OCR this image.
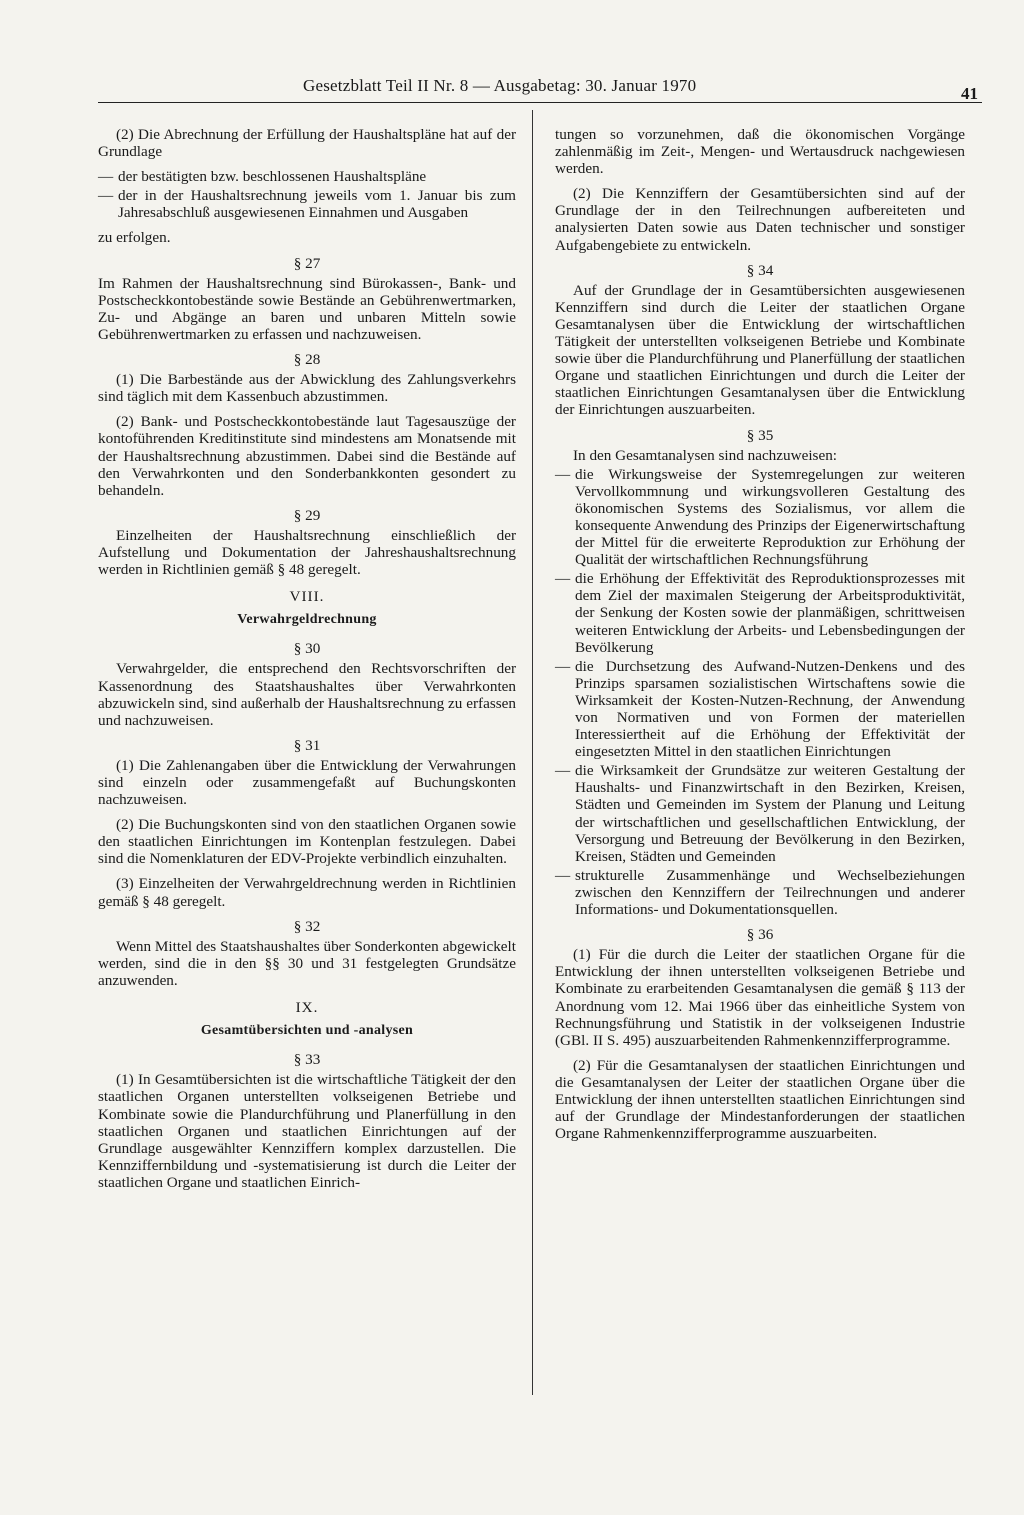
Gesetzblatt Teil II Nr. 8 — Ausgabetag: 30. Januar 1970	41

(2) Die Abrechnung der Erfüllung der Haushaltspläne hat auf der Grundlage

— der bestätigten bzw. beschlossenen Haushaltspläne
— der in der Haushaltsrechnung jeweils vom 1. Januar bis zum Jahresabschluß ausgewiesenen Einnahmen und Ausgaben

zu erfolgen.

§ 27

Im Rahmen der Haushaltsrechnung sind Bürokassen-, Bank- und Postscheckkontobestände sowie Bestände an Gebührenwertmarken, Zu- und Abgänge an baren und unbaren Mitteln sowie Gebührenwertmarken zu erfassen und nachzuweisen.

§ 28

(1) Die Barbestände aus der Abwicklung des Zahlungsverkehrs sind täglich mit dem Kassenbuch abzustimmen.

(2) Bank- und Postscheckkontobestände laut Tagesauszüge der kontoführenden Kreditinstitute sind mindestens am Monatsende mit der Haushaltsrechnung abzustimmen. Dabei sind die Bestände auf den Verwahrkonten und den Sonderbankkonten gesondert zu behandeln.

§ 29

Einzelheiten der Haushaltsrechnung einschließlich der Aufstellung und Dokumentation der Jahreshaushaltsrechnung werden in Richtlinien gemäß § 48 geregelt.

VIII.
Verwahrgeldrechnung
§ 30

Verwahrgelder, die entsprechend den Rechtsvorschriften der Kassenordnung des Staatshaushaltes über Verwahrkonten abzuwickeln sind, sind außerhalb der Haushaltsrechnung zu erfassen und nachzuweisen.

§ 31

(1) Die Zahlenangaben über die Entwicklung der Verwahrungen sind einzeln oder zusammengefaßt auf Buchungskonten nachzuweisen.

(2) Die Buchungskonten sind von den staatlichen Organen sowie den staatlichen Einrichtungen im Kontenplan festzulegen. Dabei sind die Nomenklaturen der EDV-Projekte verbindlich einzuhalten.

(3) Einzelheiten der Verwahrgeldrechnung werden in Richtlinien gemäß § 48 geregelt.

§ 32

Wenn Mittel des Staatshaushaltes über Sonderkonten abgewickelt werden, sind die in den §§ 30 und 31 festgelegten Grundsätze anzuwenden.

IX.
Gesamtübersichten und -analysen
§ 33

(1) In Gesamtübersichten ist die wirtschaftliche Tätigkeit der den staatlichen Organen unterstellten volkseigenen Betriebe und Kombinate sowie die Plandurchführung und Planerfüllung in den staatlichen Organen und staatlichen Einrichtungen auf der Grundlage ausgewählter Kennziffern komplex darzustellen. Die Kennziffernbildung und -systematisierung ist durch die Leiter der staatlichen Organe und staatlichen Einrich-

tungen so vorzunehmen, daß die ökonomischen Vorgänge zahlenmäßig im Zeit-, Mengen- und Wertausdruck nachgewiesen werden.

(2) Die Kennziffern der Gesamtübersichten sind auf der Grundlage der in den Teilrechnungen aufbereiteten und analysierten Daten sowie aus Daten technischer und sonstiger Aufgabengebiete zu entwickeln.

§ 34

Auf der Grundlage der in Gesamtübersichten ausgewiesenen Kennziffern sind durch die Leiter der staatlichen Organe Gesamtanalysen über die Entwicklung der wirtschaftlichen Tätigkeit der unterstellten volkseigenen Betriebe und Kombinate sowie über die Plandurchführung und Planerfüllung der staatlichen Organe und staatlichen Einrichtungen und durch die Leiter der staatlichen Einrichtungen Gesamtanalysen über die Entwicklung der Einrichtungen auszuarbeiten.

§ 35

In den Gesamtanalysen sind nachzuweisen:

— die Wirkungsweise der Systemregelungen zur weiteren Vervollkommnung und wirkungsvolleren Gestaltung des ökonomischen Systems des Sozialismus, vor allem die konsequente Anwendung des Prinzips der Eigenerwirtschaftung der Mittel für die erweiterte Reproduktion zur Erhöhung der Qualität der wirtschaftlichen Rechnungsführung
— die Erhöhung der Effektivität des Reproduktionsprozesses mit dem Ziel der maximalen Steigerung der Arbeitsproduktivität, der Senkung der Kosten sowie der planmäßigen, schrittweisen weiteren Entwicklung der Arbeits- und Lebensbedingungen der Bevölkerung
— die Durchsetzung des Aufwand-Nutzen-Denkens und des Prinzips sparsamen sozialistischen Wirtschaftens sowie die Wirksamkeit der Kosten-Nutzen-Rechnung, der Anwendung von Normativen und von Formen der materiellen Interessiertheit auf die Erhöhung der Effektivität der eingesetzten Mittel in den staatlichen Einrichtungen
— die Wirksamkeit der Grundsätze zur weiteren Gestaltung der Haushalts- und Finanzwirtschaft in den Bezirken, Kreisen, Städten und Gemeinden im System der Planung und Leitung der wirtschaftlichen und gesellschaftlichen Entwicklung, der Versorgung und Betreuung der Bevölkerung in den Bezirken, Kreisen, Städten und Gemeinden
— strukturelle Zusammenhänge und Wechselbeziehungen zwischen den Kennziffern der Teilrechnungen und anderer Informations- und Dokumentationsquellen.
§ 36

(1) Für die durch die Leiter der staatlichen Organe für die Entwicklung der ihnen unterstellten volkseigenen Betriebe und Kombinate zu erarbeitenden Gesamtanalysen die gemäß § 113 der Anordnung vom 12. Mai 1966 über das einheitliche System von Rechnungsführung und Statistik in der volkseigenen Industrie (GBl. II S. 495) auszuarbeitenden Rahmenkennzifferprogramme.

(2) Für die Gesamtanalysen der staatlichen Einrichtungen und die Gesamtanalysen der Leiter der staatlichen Organe über die Entwicklung der ihnen unterstellten staatlichen Einrichtungen sind auf der Grundlage der Mindestanforderungen der staatlichen Organe Rahmenkennzifferprogramme auszuarbeiten.
